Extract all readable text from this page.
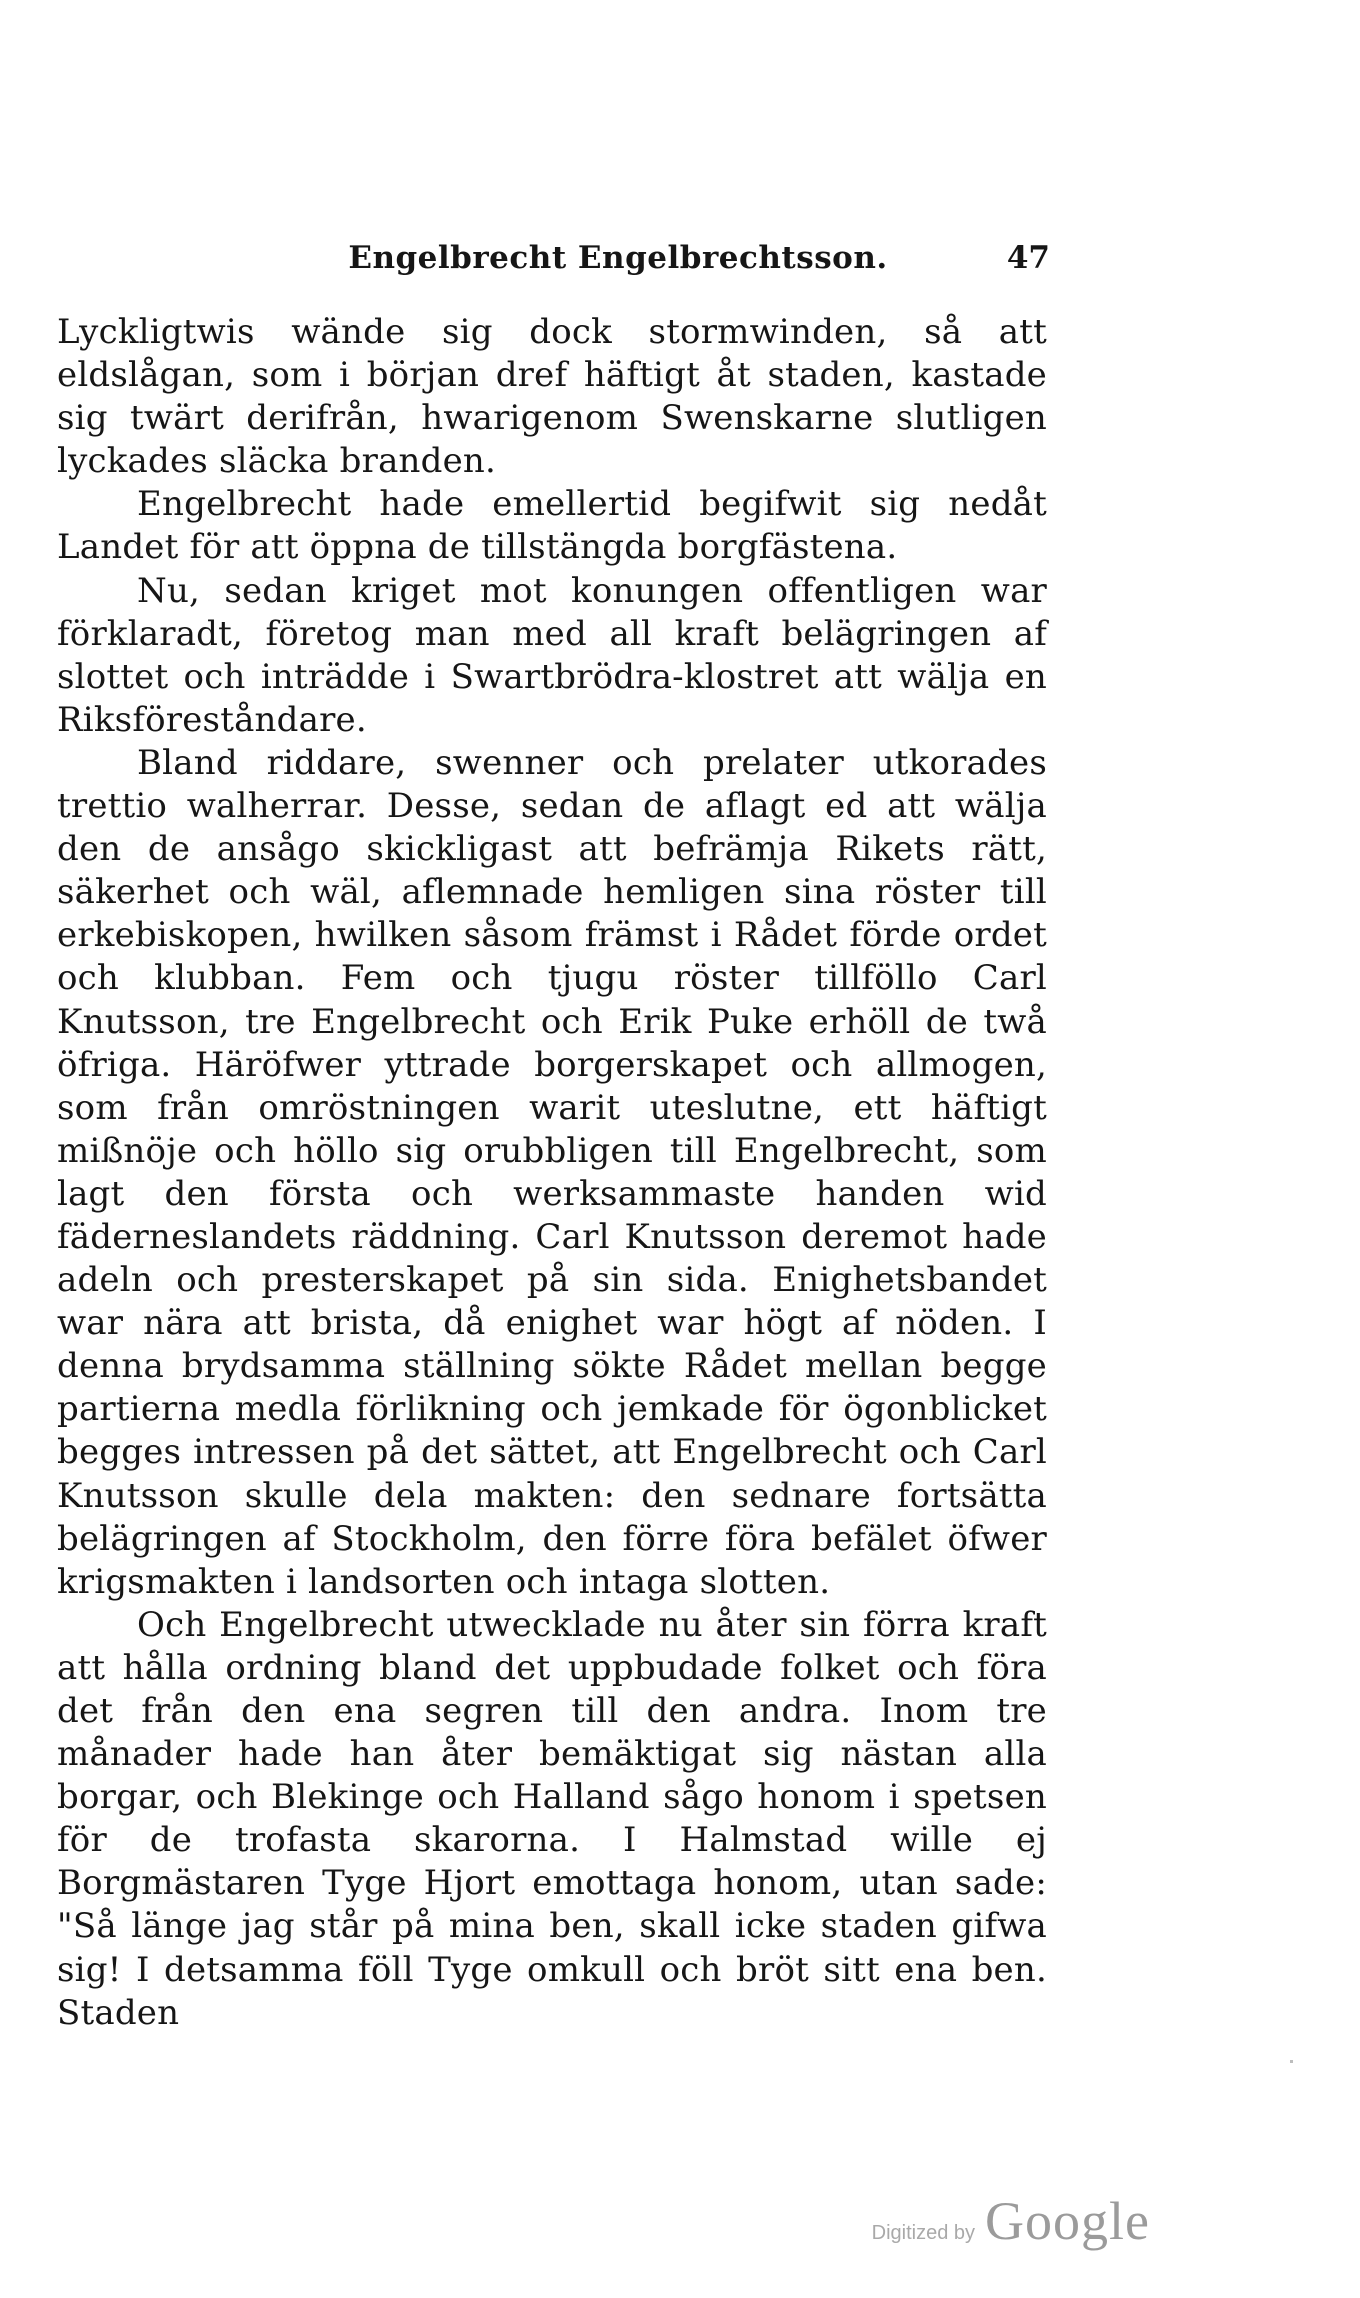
Engelbrecht Engelbrechtsson.	47

Lyckligtwis wände sig dock stormwinden, så att eldslågan, som i början dref häftigt åt staden, kastade sig twärt derifrån, hwarigenom Swenskarne slutligen lyckades släcka branden.

Engelbrecht hade emellertid begifwit sig nedåt Landet för att öppna de tillstängda borgfästena.

Nu, sedan kriget mot konungen offentligen war förklaradt, företog man med all kraft belägringen af slottet och inträdde i Swartbrödra-klostret att wälja en Riksföreståndare.

Bland riddare, swenner och prelater utkorades trettio walherrar. Desse, sedan de aflagt ed att wälja den de ansågo skickligast att befrämja Rikets rätt, säkerhet och wäl, aflemnade hemligen sina röster till erkebiskopen, hwilken såsom främst i Rådet förde ordet och klubban. Fem och tjugu röster tillföllo Carl Knutsson, tre Engelbrecht och Erik Puke erhöll de twå öfriga. Häröfwer yttrade borgerskapet och allmogen, som från omröstningen warit uteslutne, ett häftigt mißnöje och höllo sig orubbligen till Engelbrecht, som lagt den första och werksammaste handen wid fäderneslandets räddning. Carl Knutsson deremot hade adeln och presterskapet på sin sida. Enighetsbandet war nära att brista, då enighet war högt af nöden. I denna brydsamma ställning sökte Rådet mellan begge partierna medla förlikning och jemkade för ögonblicket begges intressen på det sättet, att Engelbrecht och Carl Knutsson skulle dela makten: den sednare fortsätta belägringen af Stockholm, den förre föra befälet öfwer krigsmakten i landsorten och intaga slotten.

Och Engelbrecht utwecklade nu åter sin förra kraft att hålla ordning bland det uppbudade folket och föra det från den ena segren till den andra. Inom tre månader hade han åter bemäktigat sig nästan alla borgar, och Blekinge och Halland sågo honom i spetsen för de trofasta skarorna. I Halmstad wille ej Borgmästaren Tyge Hjort emottaga honom, utan sade: "Så länge jag står på mina ben, skall icke staden gifwa sig! I detsamma föll Tyge omkull och bröt sitt ena ben. Staden

Digitized by Google
